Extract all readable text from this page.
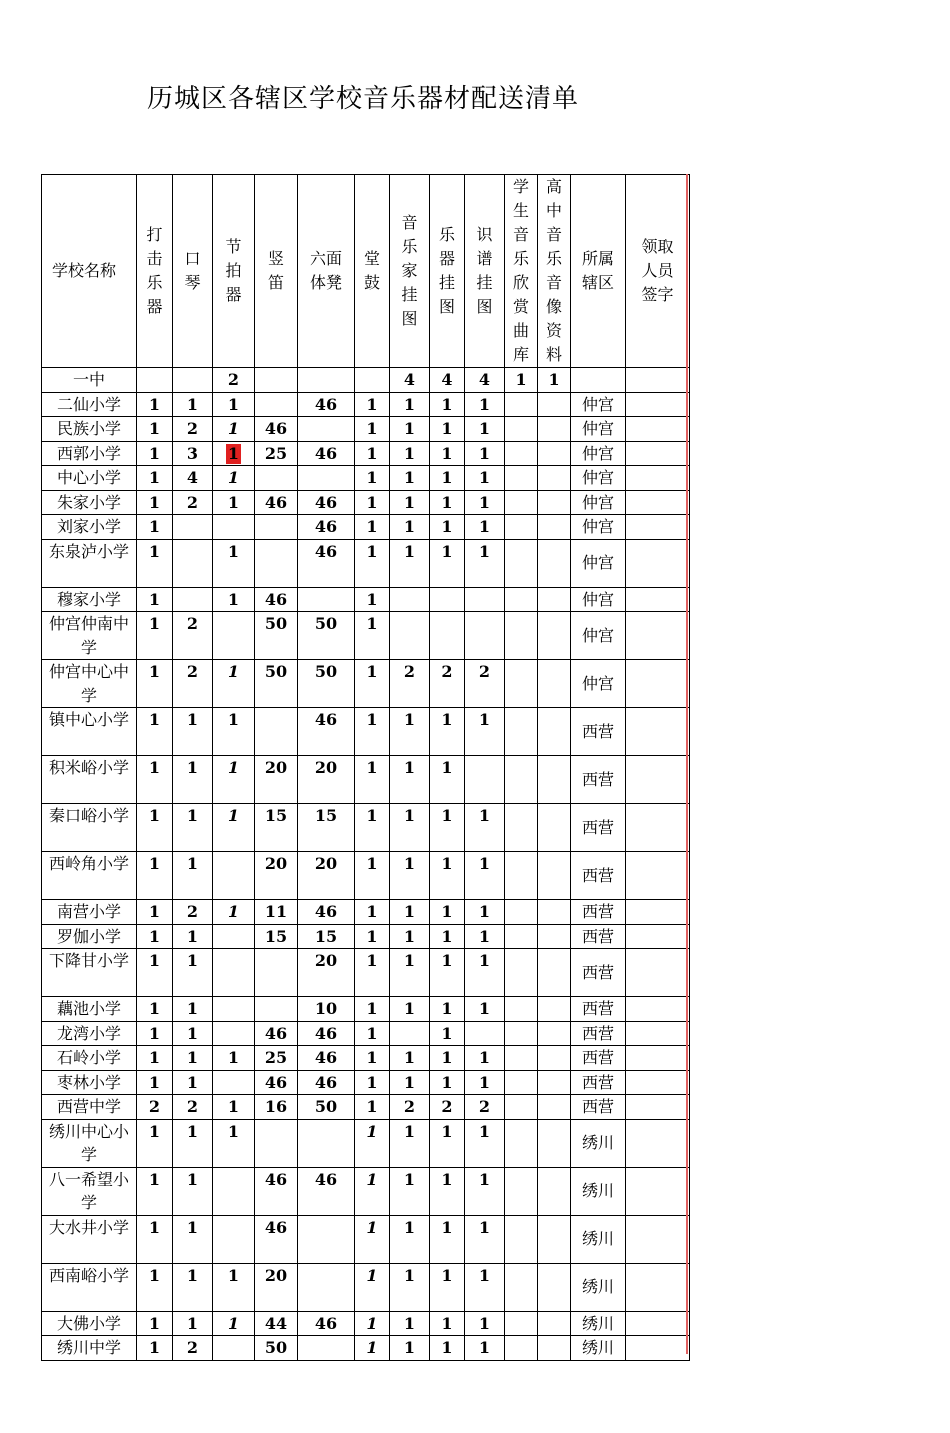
历城区各辖区学校音乐器材配送清单
学校名称	打击乐器	口琴	节拍器	竖笛	六面体凳	堂鼓	音乐家挂图	乐器挂图	识谱挂图	学生音乐欣赏曲库	高中音乐音像资料	所属辖区	领取人员签字
一中			2				4	4	4	1	1		
二仙小学	1	1	1		46	1	1	1	1			仲宫	
民族小学	1	2	1	46		1	1	1	1			仲宫	
西郭小学	1	3	1	25	46	1	1	1	1			仲宫	
中心小学	1	4	1			1	1	1	1			仲宫	
朱家小学	1	2	1	46	46	1	1	1	1			仲宫	
刘家小学	1				46	1	1	1	1			仲宫	
东泉泸小学	1		1		46	1	1	1	1			仲宫	
穆家小学	1		1	46		1						仲宫	
仲宫仲南中学	1	2		50	50	1						仲宫	
仲宫中心中学	1	2	1	50	50	1	2	2	2			仲宫	
镇中心小学	1	1	1		46	1	1	1	1			西营	
积米峪小学	1	1	1	20	20	1	1	1				西营	
秦口峪小学	1	1	1	15	15	1	1	1	1			西营	
西岭角小学	1	1		20	20	1	1	1	1			西营	
南营小学	1	2	1	11	46	1	1	1	1			西营	
罗伽小学	1	1		15	15	1	1	1	1			西营	
下降甘小学	1	1			20	1	1	1	1			西营	
藕池小学	1	1			10	1	1	1	1			西营	
龙湾小学	1	1		46	46	1		1				西营	
石岭小学	1	1	1	25	46	1	1	1	1			西营	
枣林小学	1	1		46	46	1	1	1	1			西营	
西营中学	2	2	1	16	50	1	2	2	2			西营	
绣川中心小学	1	1	1			1	1	1	1			绣川	
八一希望小学	1	1		46	46	1	1	1	1			绣川	
大水井小学	1	1		46		1	1	1	1			绣川	
西南峪小学	1	1	1	20		1	1	1	1			绣川	
大佛小学	1	1	1	44	46	1	1	1	1			绣川	
绣川中学	1	2		50		1	1	1	1			绣川	
